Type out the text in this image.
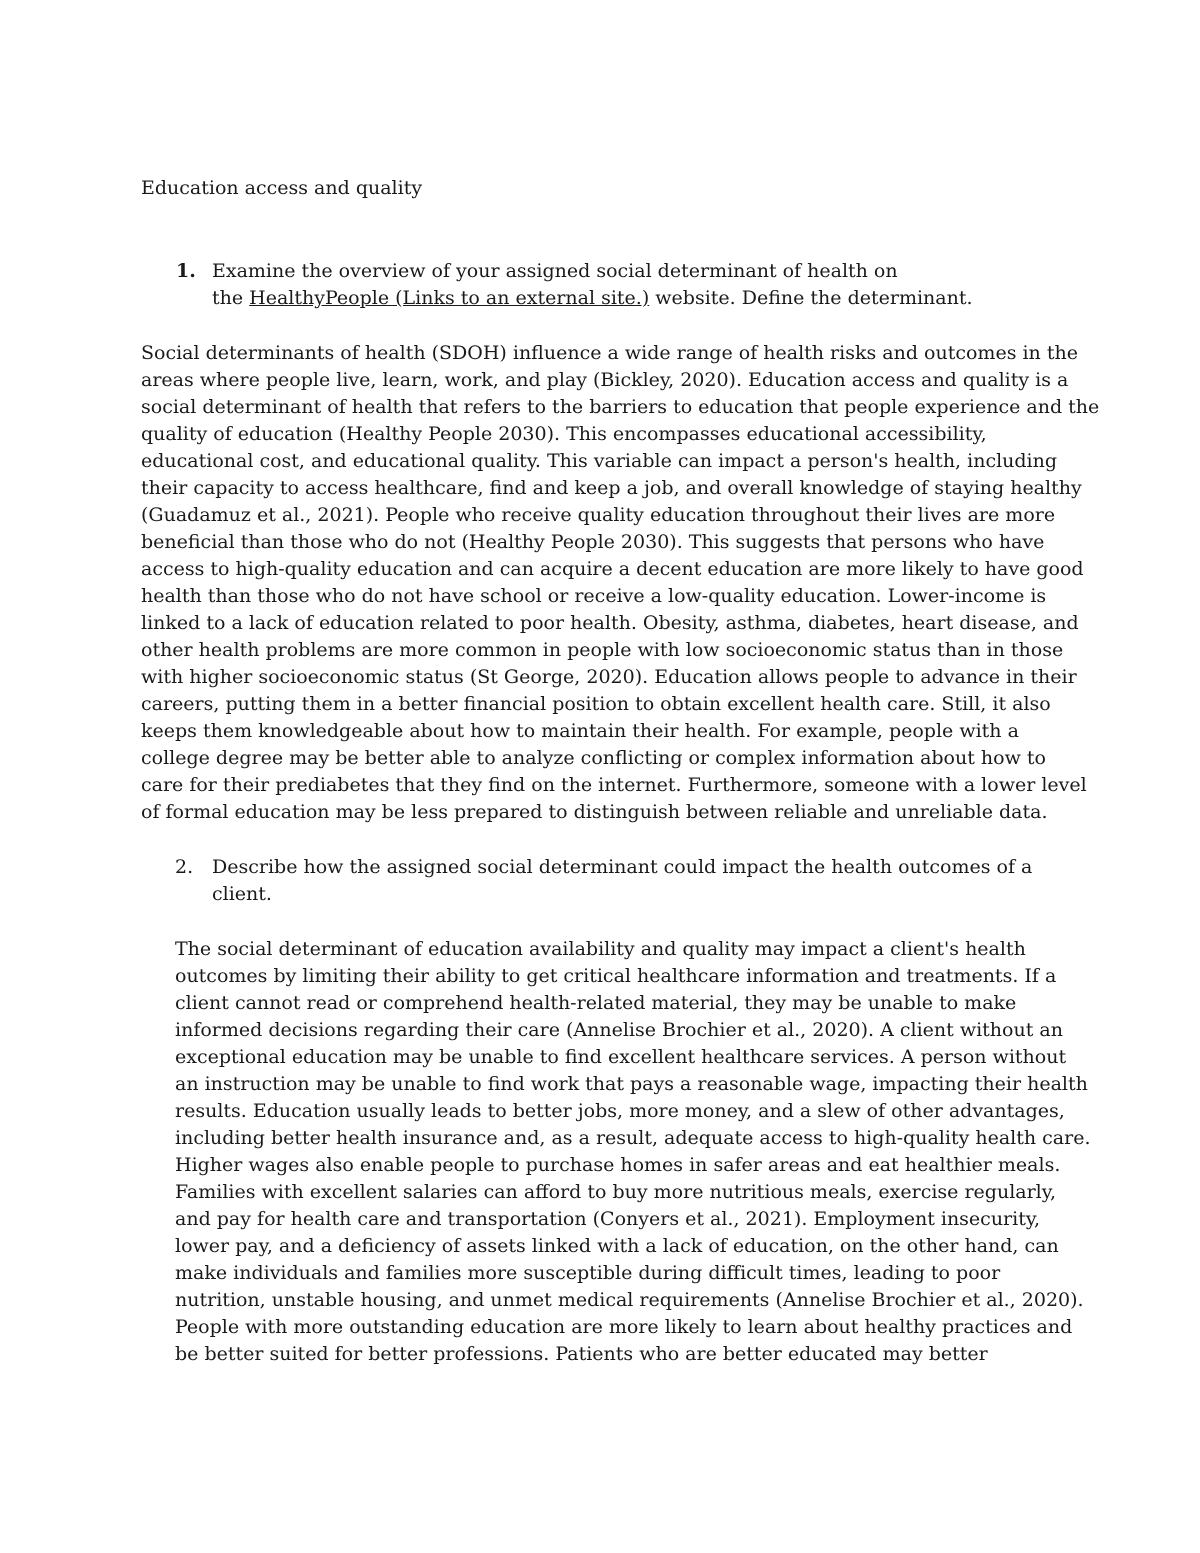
Education access and quality
1. Examine the overview of your assigned social determinant of health on
the HealthyPeople (Links to an external site.) website. Define the determinant.
Social determinants of health (SDOH) influence a wide range of health risks and outcomes in the
areas where people live, learn, work, and play (Bickley, 2020). Education access and quality is a
social determinant of health that refers to the barriers to education that people experience and the
quality of education (Healthy People 2030). This encompasses educational accessibility,
educational cost, and educational quality. This variable can impact a person's health, including
their capacity to access healthcare, find and keep a job, and overall knowledge of staying healthy
(Guadamuz et al., 2021). People who receive quality education throughout their lives are more
beneficial than those who do not (Healthy People 2030). This suggests that persons who have
access to high-quality education and can acquire a decent education are more likely to have good
health than those who do not have school or receive a low-quality education. Lower-income is
linked to a lack of education related to poor health. Obesity, asthma, diabetes, heart disease, and
other health problems are more common in people with low socioeconomic status than in those
with higher socioeconomic status (St George, 2020). Education allows people to advance in their
careers, putting them in a better financial position to obtain excellent health care. Still, it also
keeps them knowledgeable about how to maintain their health. For example, people with a
college degree may be better able to analyze conflicting or complex information about how to
care for their prediabetes that they find on the internet. Furthermore, someone with a lower level
of formal education may be less prepared to distinguish between reliable and unreliable data.
2. Describe how the assigned social determinant could impact the health outcomes of a
client.
The social determinant of education availability and quality may impact a client's health
outcomes by limiting their ability to get critical healthcare information and treatments. If a
client cannot read or comprehend health-related material, they may be unable to make
informed decisions regarding their care (Annelise Brochier et al., 2020). A client without an
exceptional education may be unable to find excellent healthcare services. A person without
an instruction may be unable to find work that pays a reasonable wage, impacting their health
results. Education usually leads to better jobs, more money, and a slew of other advantages,
including better health insurance and, as a result, adequate access to high-quality health care.
Higher wages also enable people to purchase homes in safer areas and eat healthier meals.
Families with excellent salaries can afford to buy more nutritious meals, exercise regularly,
and pay for health care and transportation (Conyers et al., 2021). Employment insecurity,
lower pay, and a deficiency of assets linked with a lack of education, on the other hand, can
make individuals and families more susceptible during difficult times, leading to poor
nutrition, unstable housing, and unmet medical requirements (Annelise Brochier et al., 2020).
People with more outstanding education are more likely to learn about healthy practices and
be better suited for better professions. Patients who are better educated may better
